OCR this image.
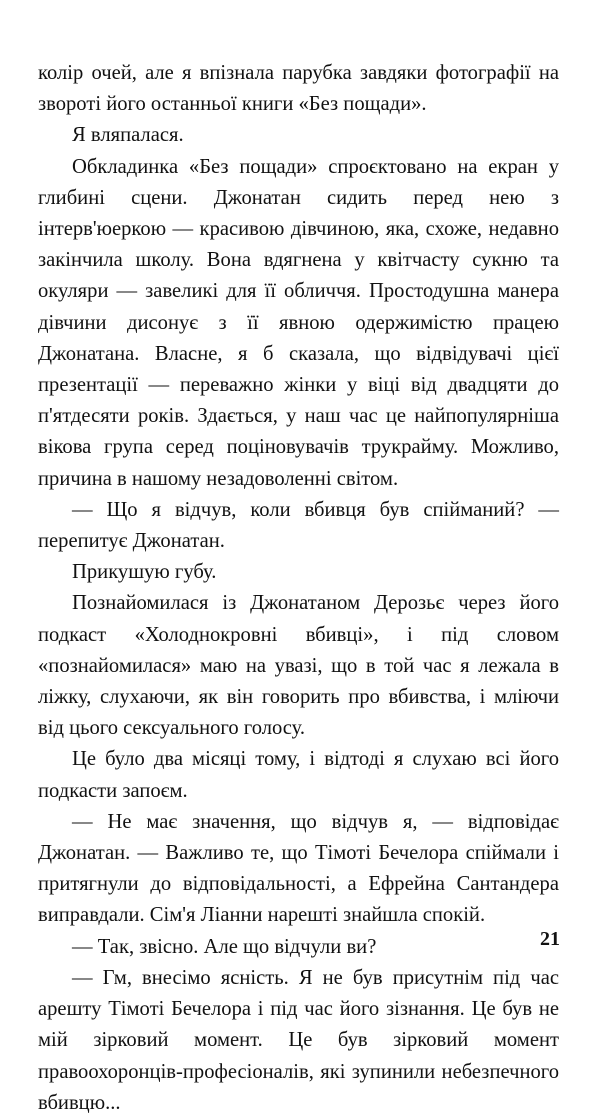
колір очей, але я впізнала парубка завдяки фотографії на звороті його останньої книги «Без пощади».

Я вляпалася.

Обкладинка «Без пощади» спроєктовано на екран у глибині сцени. Джонатан сидить перед нею з інтерв'юеркою — красивою дівчиною, яка, схоже, недавно закінчила школу. Вона вдягнена у квітчасту сукню та окуляри — завеликі для її обличчя. Простодушна манера дівчини дисонує з її явною одержимістю працею Джонатана. Власне, я б сказала, що відвідувачі цієї презентації — переважно жінки у віці від двадцяти до п'ятдесяти років. Здається, у наш час це найпопулярніша вікова група серед поціновувачів трукрайму. Можливо, причина в нашому незадоволенні світом.

— Що я відчув, коли вбивця був спійманий? — перепитує Джонатан.

Прикушую губу.

Познайомилася із Джонатаном Дерозьє через його подкаст «Холоднокровні вбивці», і під словом «познайомилася» маю на увазі, що в той час я лежала в ліжку, слухаючи, як він говорить про вбивства, і мліючи від цього сексуального голосу.

Це було два місяці тому, і відтоді я слухаю всі його подкасти запоєм.

— Не має значення, що відчув я, — відповідає Джонатан. — Важливо те, що Тімоті Бечелора спіймали і притягнули до відповідальності, а Ефрейна Сантандера виправдали. Сім'я Ліанни нарешті знайшла спокій.

— Так, звісно. Але що відчули ви?

— Гм, внесімо ясність. Я не був присутнім під час арешту Тімоті Бечелора і під час його зізнання. Це був не мій зірковий момент. Це був зірковий момент правоохоронців-професіоналів, які зупинили небезпечного вбивцю...

21
